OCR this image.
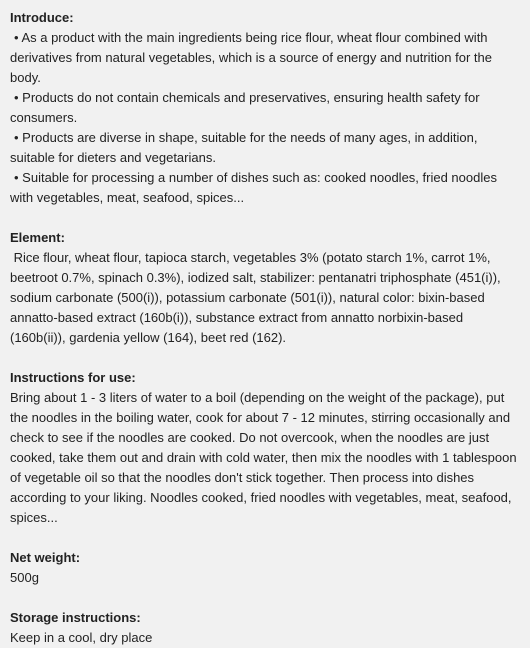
Introduce:

• As a product with the main ingredients being rice flour, wheat flour combined with derivatives from natural vegetables, which is a source of energy and nutrition for the body.

• Products do not contain chemicals and preservatives, ensuring health safety for consumers.

• Products are diverse in shape, suitable for the needs of many ages, in addition, suitable for dieters and vegetarians.

• Suitable for processing a number of dishes such as: cooked noodles, fried noodles with vegetables, meat, seafood, spices...

Element:

Rice flour, wheat flour, tapioca starch, vegetables 3% (potato starch 1%, carrot 1%, beetroot 0.7%, spinach 0.3%), iodized salt, stabilizer: pentanatri triphosphate (451(i)), sodium carbonate (500(i)), potassium carbonate (501(i)), natural color: bixin-based annatto-based extract (160b(i)), substance extract from annatto norbixin-based (160b(ii)), gardenia yellow (164), beet red (162).

Instructions for use:

Bring about 1 - 3 liters of water to a boil (depending on the weight of the package), put the noodles in the boiling water, cook for about 7 - 12 minutes, stirring occasionally and check to see if the noodles are cooked. Do not overcook, when the noodles are just cooked, take them out and drain with cold water, then mix the noodles with 1 tablespoon of vegetable oil so that the noodles don't stick together. Then process into dishes according to your liking. Noodles cooked, fried noodles with vegetables, meat, seafood, spices...

Net weight:

500g

Storage instructions:

Keep in a cool, dry place
